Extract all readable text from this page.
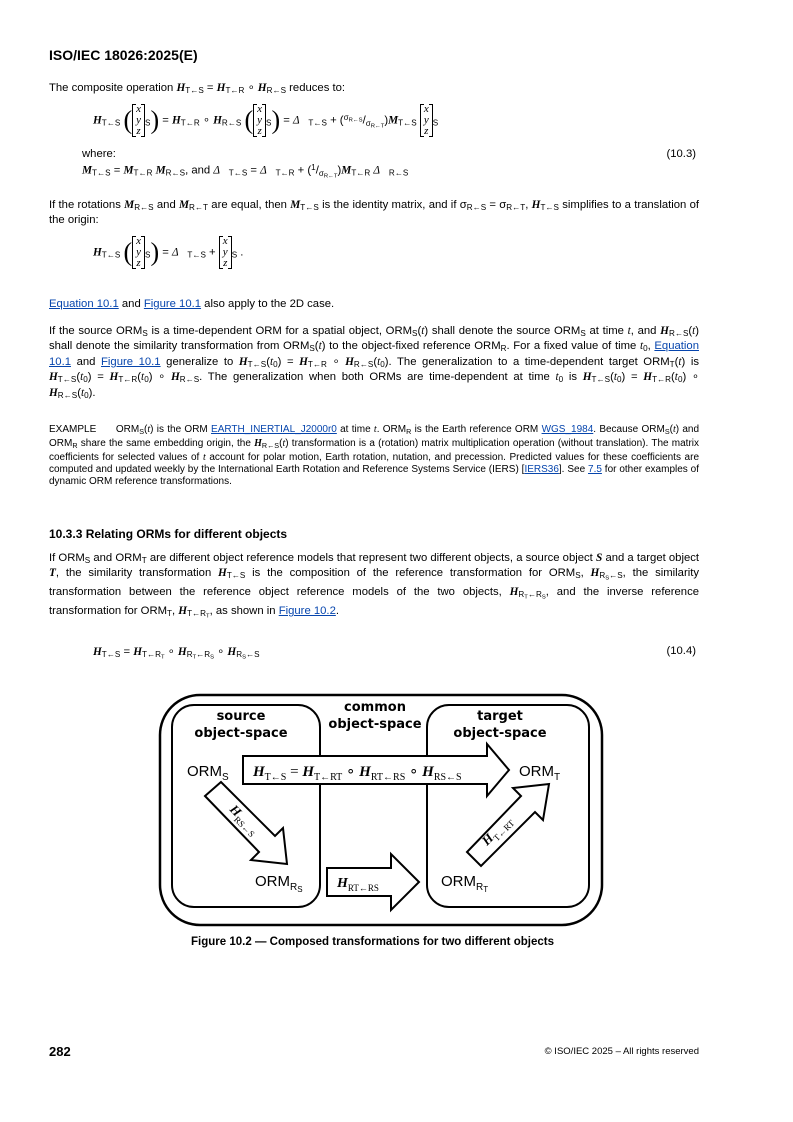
ISO/IEC 18026:2025(E)

The composite operation HT←S = HT←R ∘ HR←S reduces to:

HT←S ( x
y
zS) = HT←R ∘ HR←S ( x
y
zS) = Δ⃗T←S + ($^{\sigma R\leftarrow S}$/σR←T)MT←S x
y
zS
where:	(10.3)
MT←S = MT←R MR←S, and Δ⃗T←S = Δ⃗T←R + ($^1$/σR←T)MT←R Δ⃗R←S

If the rotations MR←S and MR←T are equal, then MT←S is the identity matrix, and if σR←S = σR←T, HT←S simplifies to a translation of the origin:

HT←S ( x
y
zS) = Δ⃗T←S + x
y
zS .

Equation 10.1 and Figure 10.1 also apply to the 2D case.

If the source ORMS is a time-dependent ORM for a spatial object, ORMS(t) shall denote the source ORMS at time t, and HR←S(t) shall denote the similarity transformation from ORMS(t) to the object-fixed reference ORMR. For a fixed value of time t0, Equation 10.1 and Figure 10.1 generalize to HT←S(t0) = HT←R ∘ HR←S(t0). The generalization to a time-dependent target ORMT(t) is HT←S(t0) = HT←R(t0) ∘ HR←S. The generalization when both ORMs are time-dependent at time t0 is HT←S(t0) = HT←R(t0) ∘ HR←S(t0).

EXAMPLE      ORMS(t) is the ORM EARTH_INERTIAL_J2000r0 at time t. ORMR is the Earth reference ORM WGS_1984. Because ORMS(t) and ORMR share the same embedding origin, the HR←S(t) transformation is a (rotation) matrix multiplication operation (without translation). The matrix coefficients for selected values of t account for polar motion, Earth rotation, nutation, and precession. Predicted values for these coefficients are computed and updated weekly by the International Earth Rotation and Reference Systems Service (IERS) [IERS36]. See 7.5 for other examples of dynamic ORM reference transformations.

10.3.3 Relating ORMs for different objects

If ORMS and ORMT are different object reference models that represent two different objects, a source object S and a target object T, the similarity transformation HT←S is the composition of the reference transformation for ORMS, HRS←S, the similarity transformation between the reference object reference models of the two objects, HRT←RS, and the inverse reference transformation for ORMT, HT←RT, as shown in Figure 10.2.

HT←S = HT←RT ∘ HRT←RS ∘ HRS←S	(10.4)
source
object-space
common
object-space
target
object-space
$H_{T\leftarrow S} = H_{T\leftarrow RT}$ ∘ $H_{RT\leftarrow RS}$ ∘ $H_{RS\leftarrow S}$
$ORM_S$	$ORM_T$
$ORM_RS$	$ORM_RT$
$H_{RS\leftarrow S}$
$H_{T\leftarrow RT}$
$H_{RT\leftarrow RS}$
Figure 10.2 — Composed transformations for two different objects
282	© ISO/IEC 2025 – All rights reserved
